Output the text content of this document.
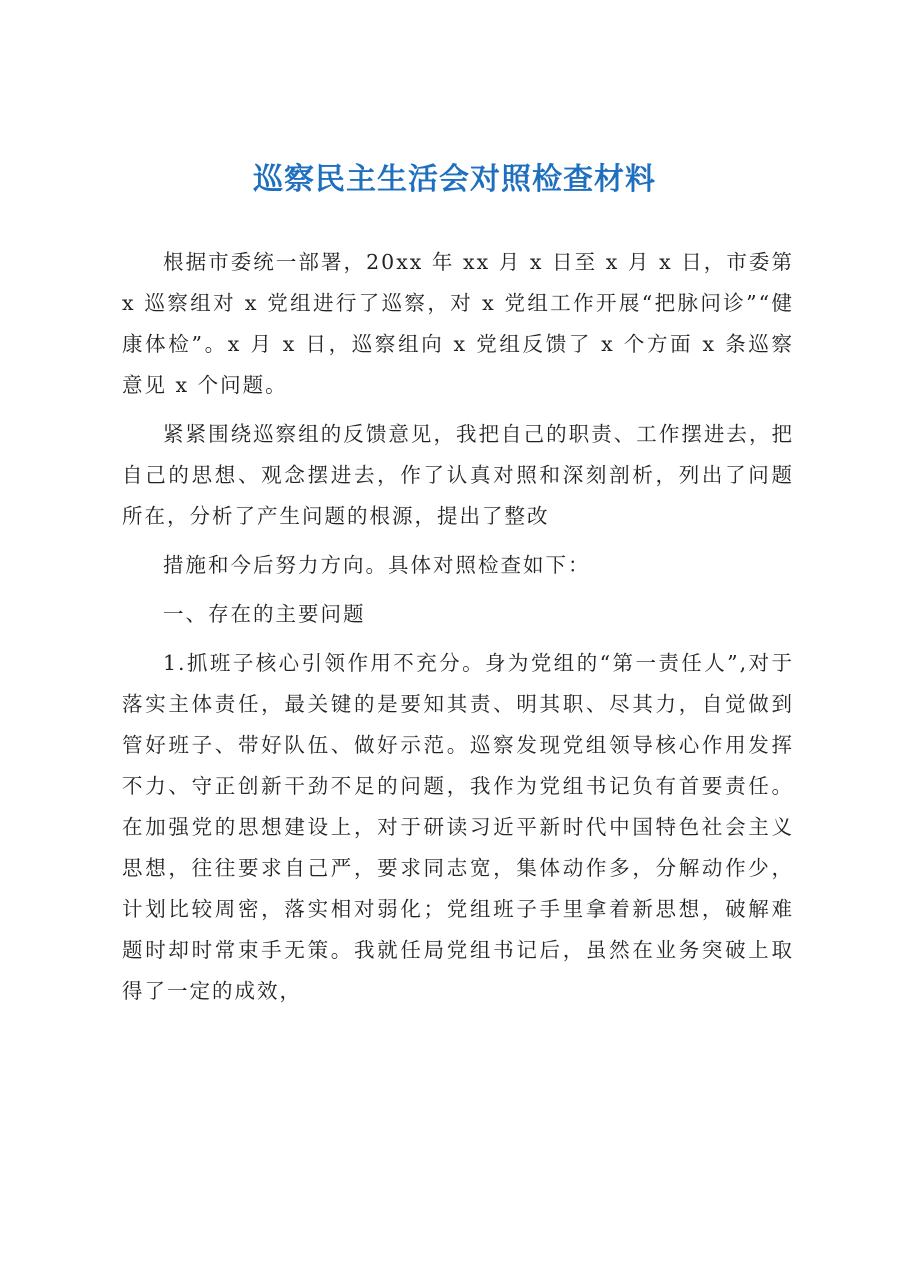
巡察民主生活会对照检查材料

根据市委统一部署，20xx 年 xx 月 x 日至 x 月 x 日，市委第 x 巡察组对 x 党组进行了巡察，对 x 党组工作开展“把脉问诊”“健康体检”。x 月 x 日，巡察组向 x 党组反馈了 x 个方面 x 条巡察意见 x 个问题。

紧紧围绕巡察组的反馈意见，我把自己的职责、工作摆进去，把自己的思想、观念摆进去，作了认真对照和深刻剖析，列出了问题所在，分析了产生问题的根源，提出了整改

措施和今后努力方向。具体对照检查如下：

一、存在的主要问题

1.抓班子核心引领作用不充分。身为党组的“第一责任人”,对于落实主体责任，最关键的是要知其责、明其职、尽其力，自觉做到管好班子、带好队伍、做好示范。巡察发现党组领导核心作用发挥不力、守正创新干劲不足的问题，我作为党组书记负有首要责任。在加强党的思想建设上，对于研读习近平新时代中国特色社会主义思想，往往要求自己严，要求同志宽，集体动作多，分解动作少，计划比较周密，落实相对弱化；党组班子手里拿着新思想，破解难题时却时常束手无策。我就任局党组书记后，虽然在业务突破上取得了一定的成效，
